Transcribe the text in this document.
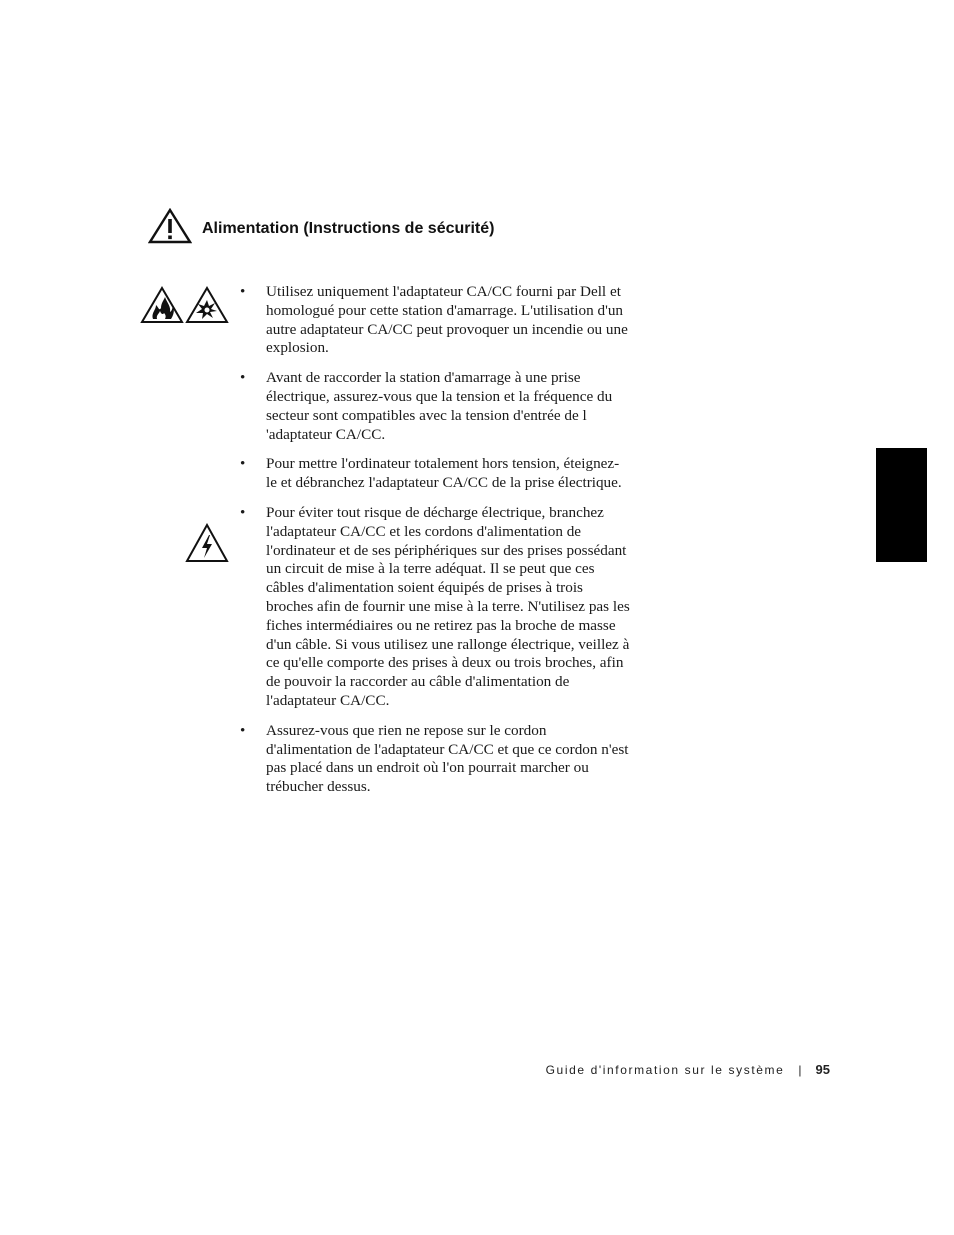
Alimentation (Instructions de sécurité)
• Utilisez uniquement l'adaptateur CA/CC fourni par Dell et homologué pour cette station d'amarrage. L'utilisation d'un autre adaptateur CA/CC peut provoquer un incendie ou une explosion.
• Avant de raccorder la station d'amarrage à une prise électrique, assurez-vous que la tension et la fréquence du secteur sont compatibles avec la tension d'entrée de l 'adaptateur CA/CC.
• Pour mettre l'ordinateur totalement hors tension, éteignez-le et débranchez l'adaptateur CA/CC de la prise électrique.
• Pour éviter tout risque de décharge électrique, branchez l'adaptateur CA/CC et les cordons d'alimentation de l'ordinateur et de ses périphériques sur des prises possédant un circuit de mise à la terre adéquat. Il se peut que ces câbles d'alimentation soient équipés de prises à trois broches afin de fournir une mise à la terre. N'utilisez pas les fiches intermédiaires ou ne retirez pas la broche de masse d'un câble. Si vous utilisez une rallonge électrique, veillez à ce qu'elle comporte des prises à deux ou trois broches, afin de pouvoir la raccorder au câble d'alimentation de l'adaptateur CA/CC.
• Assurez-vous que rien ne repose sur le cordon d'alimentation de l'adaptateur CA/CC et que ce cordon n'est pas placé dans un endroit où l'on pourrait marcher ou trébucher dessus.
Guide d'information sur le système | 95
